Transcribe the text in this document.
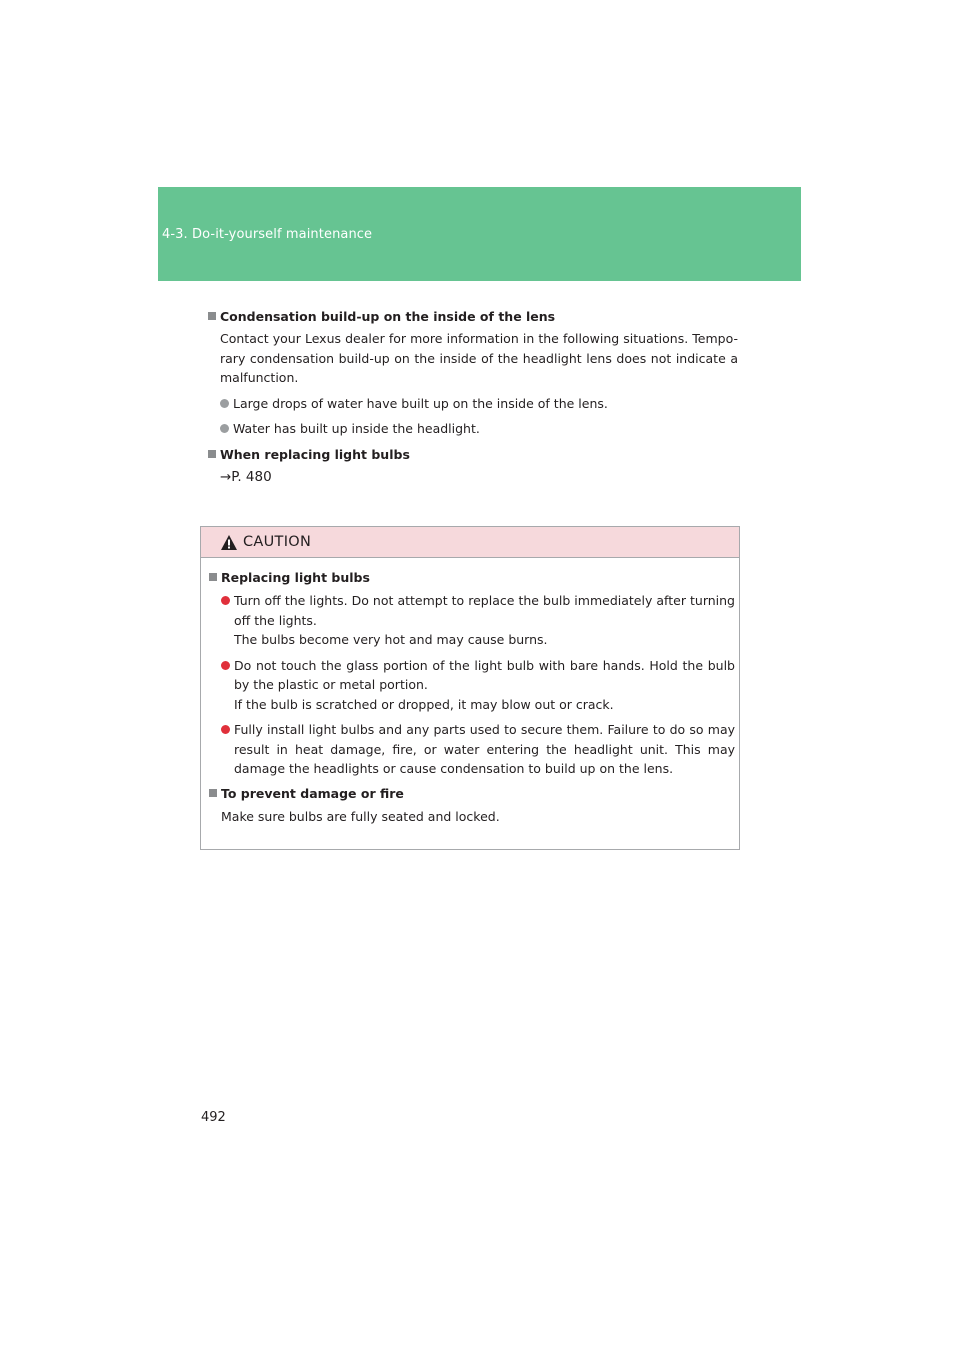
4-3. Do-it-yourself maintenance

Condensation build-up on the inside of the lens

Contact your Lexus dealer for more information in the following situations. Tempo- rary condensation build-up on the inside of the headlight lens does not indicate a malfunction.

Large drops of water have built up on the inside of the lens.

Water has built up inside the headlight.

When replacing light bulbs

→P. 480

CAUTION

Replacing light bulbs

Turn off the lights. Do not attempt to replace the bulb immediately after turning off the lights.
The bulbs become very hot and may cause burns.
Do not touch the glass portion of the light bulb with bare hands. Hold the bulb by the plastic or metal portion.
If the bulb is scratched or dropped, it may blow out or crack.
Fully install light bulbs and any parts used to secure them. Failure to do so may result in heat damage, fire, or water entering the headlight unit. This may damage the headlights or cause condensation to build up on the lens.

To prevent damage or fire

Make sure bulbs are fully seated and locked.

492
